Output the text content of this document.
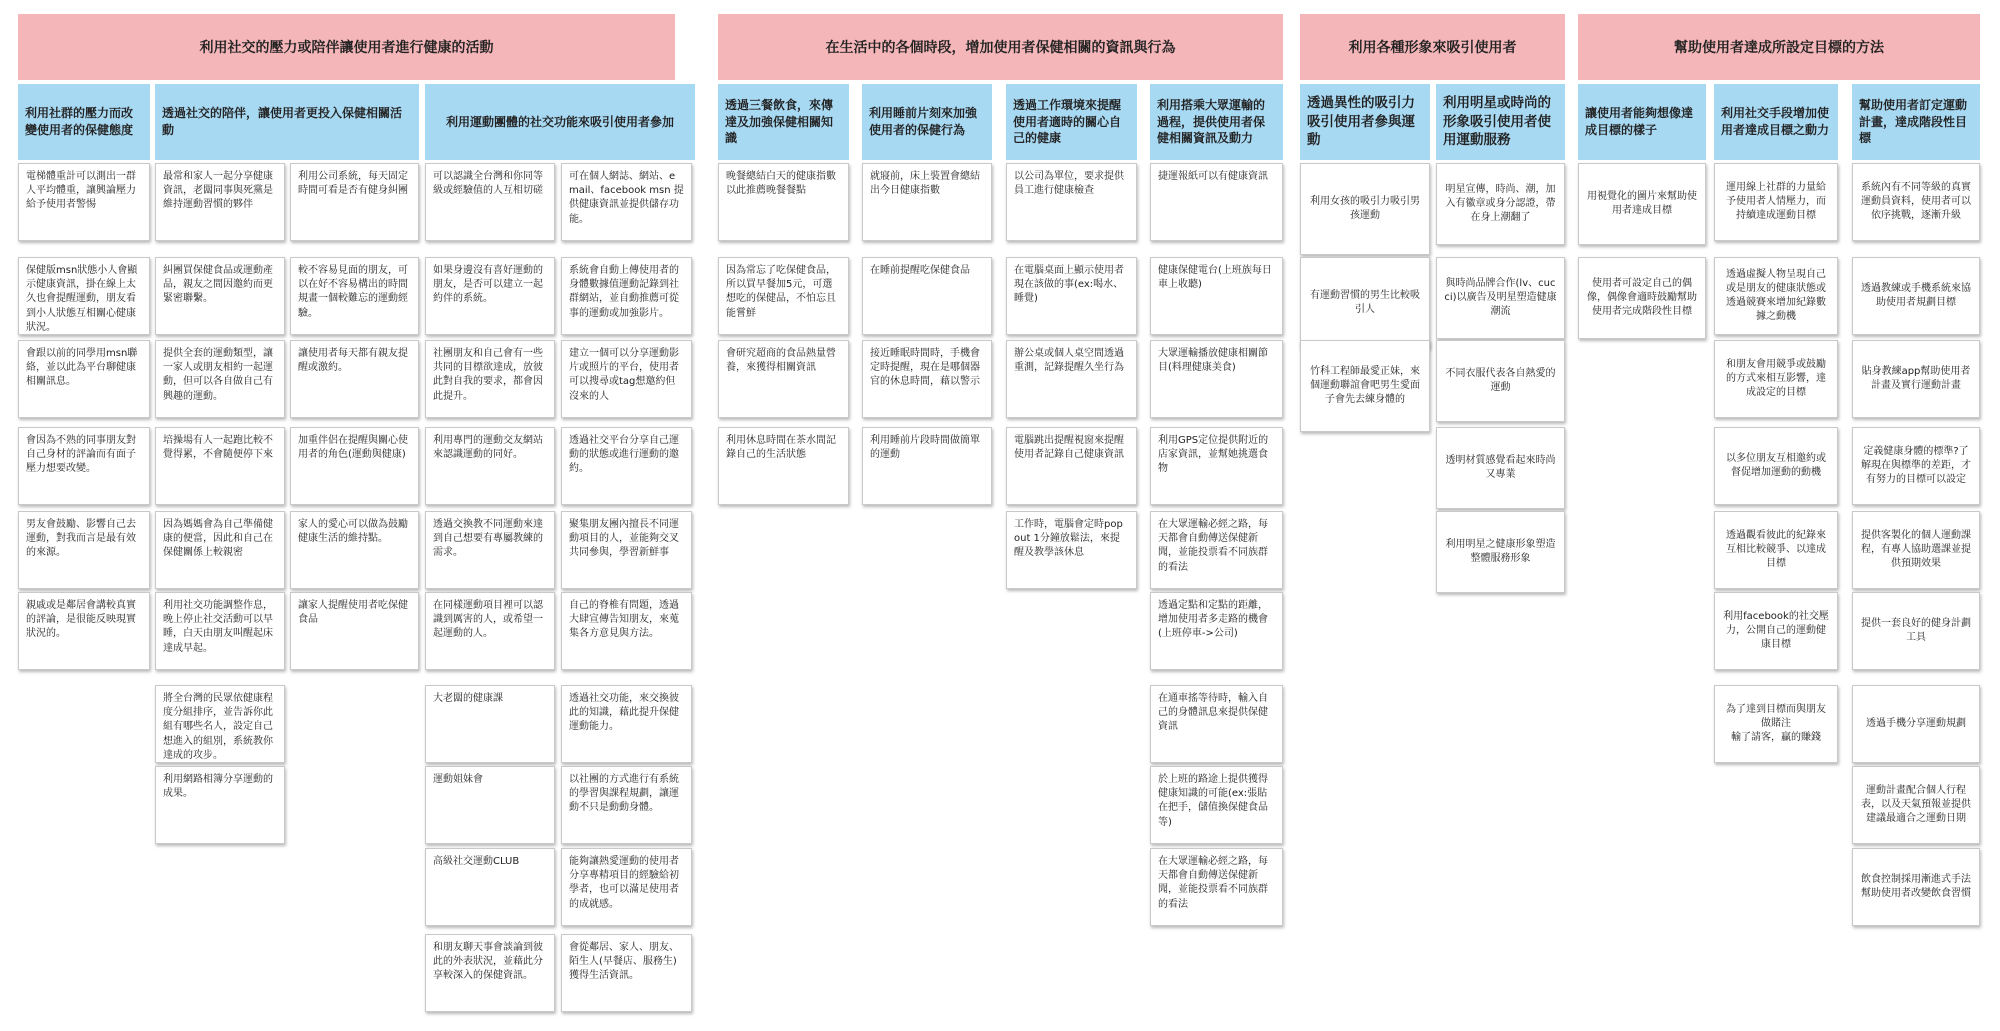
利用社交的壓力或陪伴讓使用者進行健康的活動	在生活中的各個時段，增加使用者保健相關的資訊與行為	利用各種形象來吸引使用者	幫助使用者達成所設定目標的方法
利用社群的壓力而改變使用者的保健態度
透過社交的陪伴，讓使用者更投入保健相關活動
利用運動團體的社交功能來吸引使用者參加
透過三餐飲食，來傳達及加強保健相關知識
利用睡前片刻來加強使用者的保健行為
透過工作環境來提醒使用者適時的關心自己的健康
利用搭乘大眾運輸的過程，提供使用者保健相關資訊及動力
透過異性的吸引力吸引使用者參與運動
利用明星或時尚的形象吸引使用者使用運動服務
讓使用者能夠想像達成目標的樣子
利用社交手段增加使用者達成目標之動力
幫助使用者訂定運動計畫，達成階段性目標
電梯體重計可以測出一群人平均體重，讓興論壓力給予使用者警惕
保健版msn狀態小人會顯示健康資訊，掛在線上太久也會提醒運動，朋友看到小人狀態互相關心健康狀況。
會跟以前的同學用msn聯絡，並以此為平台聊健康相關訊息。
會因為不熟的同事朋友對自己身材的評論而有面子壓力想要改變。
男友會鼓勵、影響自己去運動，對我而言是最有效的來源。
親戚或是鄰居會講較真實的評論，是很能反映現實狀況的。
最常和家人一起分享健康資訊，老闆同事與死黨是維持運動習慣的夥伴
糾團買保健食品或運動產品，親友之間因邀約而更緊密聯繫。
提供全套的運動類型，讓一家人或朋友相約一起運動，但可以各自做自己有興趣的運動。
培操場有人一起跑比較不覺得累，不會隨便停下來
因為媽媽會為自己準備健康的便當，因此和自己在保健關係上較親密
利用社交功能調整作息，晚上停止社交活動可以早睡，白天由朋友叫醒起床達成早起。
將全台灣的民眾依健康程度分組排序，並告訴你此組有哪些名人，設定自己想進入的組別，系統教你達成的攻步。
利用網路相簿分享運動的成果。
利用公司系統，每天固定時間可看是否有健身糾團
較不容易見面的朋友，可以在好不容易構出的時間規畫一個較難忘的運動經驗。
讓使用者每天都有親友提醒或激約。
加重伴侶在提醒與關心使用者的角色(運動與健康)
家人的愛心可以做為鼓勵健康生活的維持點。
讓家人提醒使用者吃保健食品
可以認識全台灣和你同等級或經驗值的人互相切磋
如果身邊沒有喜好運動的朋友，是否可以建立一起約伴的系統。
社團朋友和自己會有一些共同的目標欲達成，放彼此對自我的要求，都會因此提升。
利用專門的運動交友網站來認識運動的同好。
透過交換教不同運動來達到自己想要有專屬教練的需求。
在同樣運動項目裡可以認識到厲害的人，或希望一起運動的人。
大老闆的健康課
運動姐妹會
高級社交運動CLUB
和朋友聊天事會談論到彼此的外表狀況，並藉此分享較深入的保健資訊。
可在個人網誌、網站、email、facebook msn 提供健康資訊並提供儲存功能。
系統會自動上傳使用者的身體數據值運動記錄到社群網站，並自動推薦可從事的運動或加強影片。
建立一個可以分享運動影片或照片的平台，使用者可以搜尋或tag想邀約但沒來的人
透過社交平台分享自己運動的狀態或進行運動的邀約。
聚集朋友團內擅長不同運動項目的人，並能夠交叉共同參與，學習新鮮事
自己的脊椎有問題，透過大肆宣傳告知朋友，來蒐集各方意見與方法。
透過社交功能，來交換彼此的知識，藉此提升保健運動能力。
以社團的方式進行有系統的學習與課程規劃，讓運動不只是動動身體。
能夠讓熱愛運動的使用者分享專精項目的經驗給初學者，也可以滿足使用者的成就感。
會從鄰居、家人、朋友、陌生人(早餐店、服務生)獲得生活資訊。
晚餐總結白天的健康指數以此推薦晚餐餐點
因為常忘了吃保健食品，所以買早餐加5元，可選想吃的保健品，不怕忘且能嘗鮮
會研究超商的食品熱量營養，來獲得相關資訊
利用休息時間在茶水間記錄自己的生活狀態
就寢前，床上裝置會總結出今日健康指數
在睡前提醒吃保健食品
接近睡眠時間時，手機會定時提醒，現在是哪個器官的休息時間，藉以警示
利用睡前片段時間做簡單的運動
以公司為單位，要求提供員工進行健康檢查
在電腦桌面上顯示使用者現在該做的事(ex:喝水、睡覺)
辦公桌或個人桌空間透過重測，記錄提醒久坐行為
電腦跳出提醒視窗來提醒使用者記錄自己健康資訊
工作時，電腦會定時pop out 1分鐘放鬆法，來提醒及教學該休息
捷運報紙可以有健康資訊
健康保健電台(上班族每日車上收聽)
大眾運輸播放健康相關節目(料理健康美食)
利用GPS定位提供附近的店家資訊，並幫她挑選食物
在大眾運輸必經之路，每天都會自動傳送保健新聞，並能投票看不同族群的看法
透過定點和定點的距離，增加使用者多走路的機會(上班停車->公司)
在通車搖等待時，輸入自己的身體訊息來提供保健資訊
於上班的路途上提供獲得健康知識的可能(ex:張貼在把手，儲值換保健食品等)
在大眾運輸必經之路，每天都會自動傳送保健新聞，並能投票看不同族群的看法
利用女孩的吸引力吸引男孩運動
有運動習慣的男生比較吸引人
竹科工程師最愛正妹，來個運動聯誼會吧男生愛面子會先去練身體的
明星宣傳，時尚、潮，加入有徽章或身分認證，帶在身上潮翻了
與時尚品牌合作(lv、cucci)以廣告及明星塑造健康潮流
不同衣服代表各自熱愛的運動
透明材質感覺看起來時尚又專業
利用明星之健康形象塑造整體服務形象
用視覺化的圖片來幫助使用者達成目標
使用者可設定自己的偶像，偶像會適時鼓勵幫助使用者完成階段性目標
運用線上社群的力量給予使用者人情壓力，而持續達成運動目標
透過虛擬人物呈現自己或是朋友的健康狀態或透過競賽來增加紀錄數據之動機
和朋友會用競爭或鼓勵的方式來相互影響，達成設定的目標
以多位朋友互相邀約或督促增加運動的動機
透過觀看彼此的紀錄來互相比較競爭、以達成目標
利用facebook的社交壓力，公開自己的運動健康目標
為了達到目標而與朋友做賭注
輸了請客，贏的賺錢
系統內有不同等級的真實運動員資料，使用者可以依序挑戰，逐漸升級
透過教練或手機系統來協助使用者規劃目標
貼身教練app幫助使用者計畫及實行運動計畫
定義健康身體的標準?了解現在與標準的差距，才有努力的目標可以設定
提供客製化的個人運動課程，有專人協助選課並提供預期效果
提供一套良好的健身計劃工具
透過手機分享運動規劃
運動計畫配合個人行程表，以及天氣預報並提供建議最適合之運動日期
飲食控制採用漸進式手法幫助使用者改變飲食習慣
